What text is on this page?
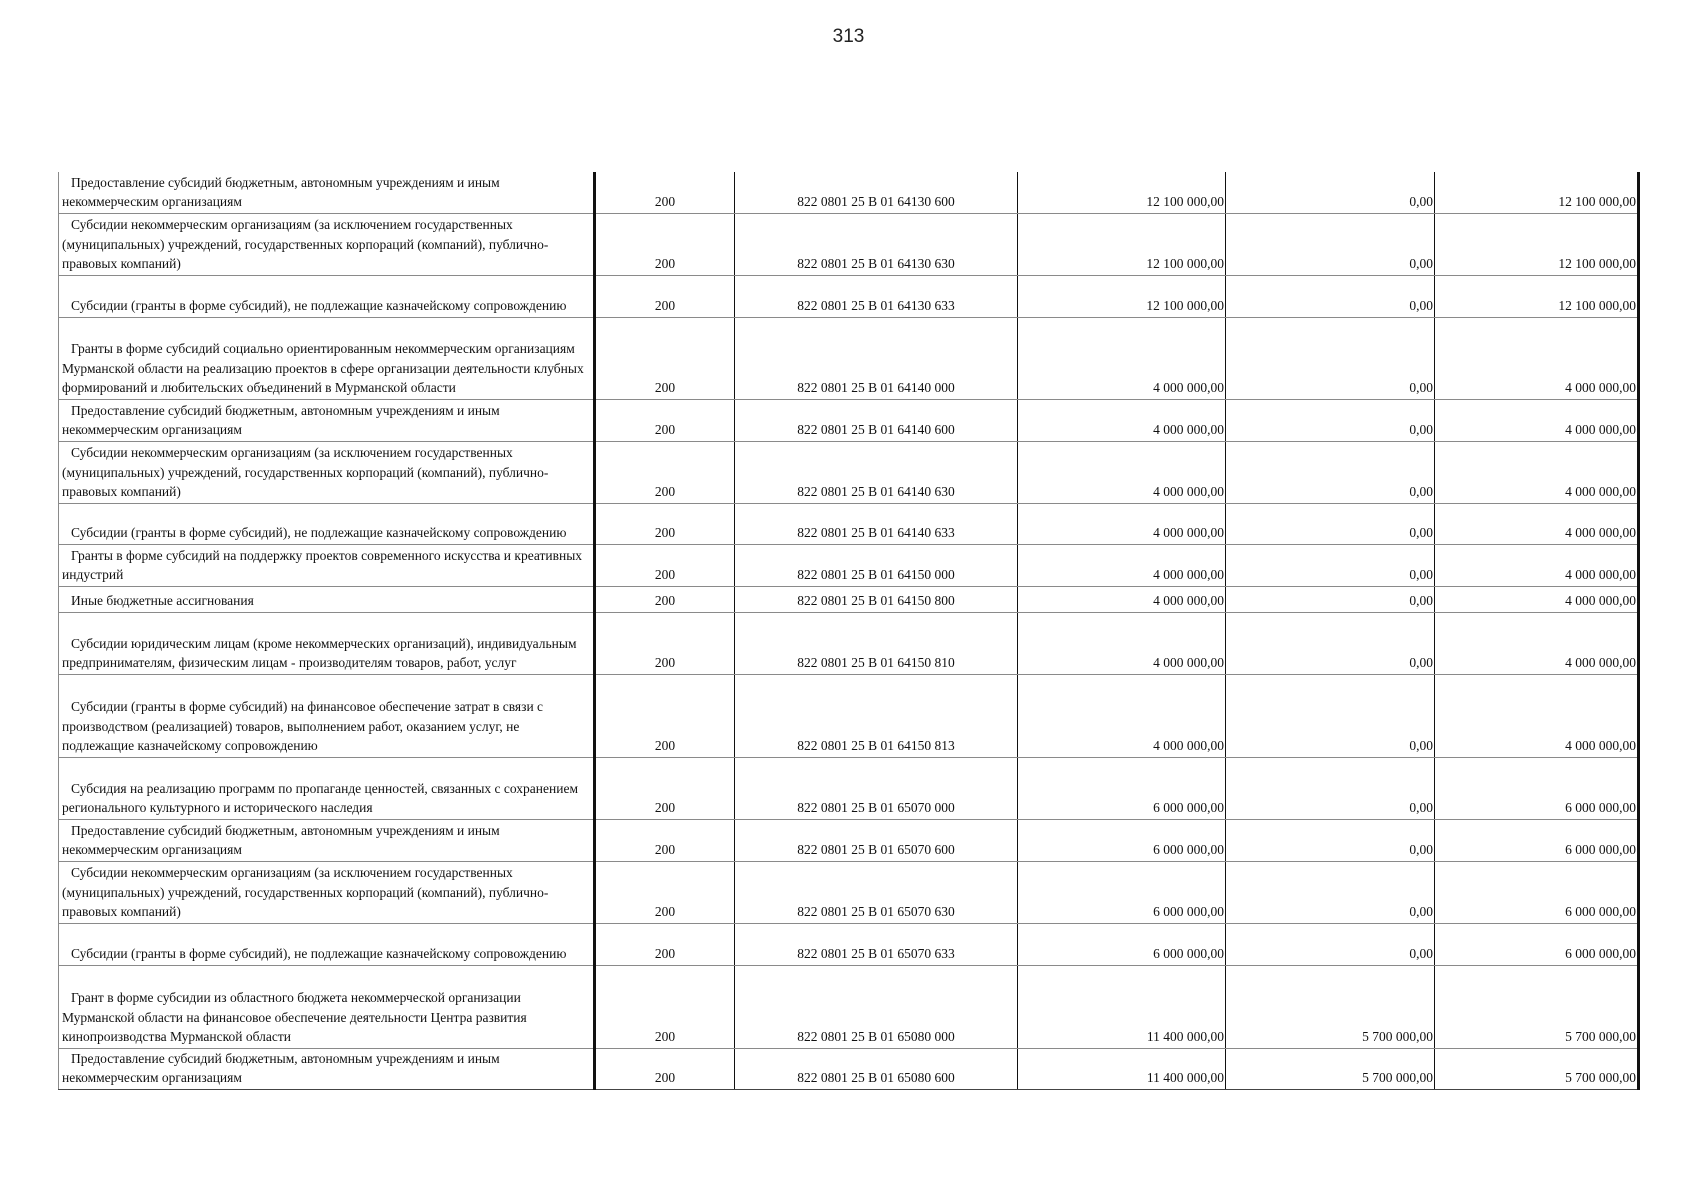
313
Предоставление субсидий бюджетным, автономным учреждениям и иным некоммерческим организациям	200	822 0801 25 В 01 64130 600	12 100 000,00	0,00	12 100 000,00

Субсидии некоммерческим организациям (за исключением государственных (муниципальных) учреждений, государственных корпораций (компаний), публично-правовых компаний)	200	822 0801 25 В 01 64130 630	12 100 000,00	0,00	12 100 000,00

Субсидии (гранты в форме субсидий), не подлежащие казначейскому сопровождению	200	822 0801 25 В 01 64130 633	12 100 000,00	0,00	12 100 000,00

Гранты в форме субсидий социально ориентированным некоммерческим организациям Мурманской области на реализацию проектов в сфере организации деятельности клубных формирований и любительских объединений в Мурманской области	200	822 0801 25 В 01 64140 000	4 000 000,00	0,00	4 000 000,00

Предоставление субсидий бюджетным, автономным учреждениям и иным некоммерческим организациям	200	822 0801 25 В 01 64140 600	4 000 000,00	0,00	4 000 000,00

Субсидии некоммерческим организациям (за исключением государственных (муниципальных) учреждений, государственных корпораций (компаний), публично-правовых компаний)	200	822 0801 25 В 01 64140 630	4 000 000,00	0,00	4 000 000,00

Субсидии (гранты в форме субсидий), не подлежащие казначейскому сопровождению	200	822 0801 25 В 01 64140 633	4 000 000,00	0,00	4 000 000,00

Гранты в форме субсидий на поддержку проектов современного искусства и креативных индустрий	200	822 0801 25 В 01 64150 000	4 000 000,00	0,00	4 000 000,00

Иные бюджетные ассигнования	200	822 0801 25 В 01 64150 800	4 000 000,00	0,00	4 000 000,00

Субсидии юридическим лицам (кроме некоммерческих организаций), индивидуальным предпринимателям, физическим лицам - производителям товаров, работ, услуг	200	822 0801 25 В 01 64150 810	4 000 000,00	0,00	4 000 000,00

Субсидии (гранты в форме субсидий) на финансовое обеспечение затрат в связи с производством (реализацией) товаров, выполнением работ, оказанием услуг, не подлежащие казначейскому сопровождению	200	822 0801 25 В 01 64150 813	4 000 000,00	0,00	4 000 000,00

Субсидия на реализацию программ по пропаганде ценностей, связанных с сохранением регионального культурного и исторического наследия	200	822 0801 25 В 01 65070 000	6 000 000,00	0,00	6 000 000,00

Предоставление субсидий бюджетным, автономным учреждениям и иным некоммерческим организациям	200	822 0801 25 В 01 65070 600	6 000 000,00	0,00	6 000 000,00

Субсидии некоммерческим организациям (за исключением государственных (муниципальных) учреждений, государственных корпораций (компаний), публично-правовых компаний)	200	822 0801 25 В 01 65070 630	6 000 000,00	0,00	6 000 000,00

Субсидии (гранты в форме субсидий), не подлежащие казначейскому сопровождению	200	822 0801 25 В 01 65070 633	6 000 000,00	0,00	6 000 000,00

Грант в форме субсидии из областного бюджета некоммерческой организации Мурманской области на финансовое обеспечение деятельности Центра развития кинопроизводства Мурманской области	200	822 0801 25 В 01 65080 000	11 400 000,00	5 700 000,00	5 700 000,00

Предоставление субсидий бюджетным, автономным учреждениям и иным некоммерческим организациям	200	822 0801 25 В 01 65080 600	11 400 000,00	5 700 000,00	5 700 000,00
